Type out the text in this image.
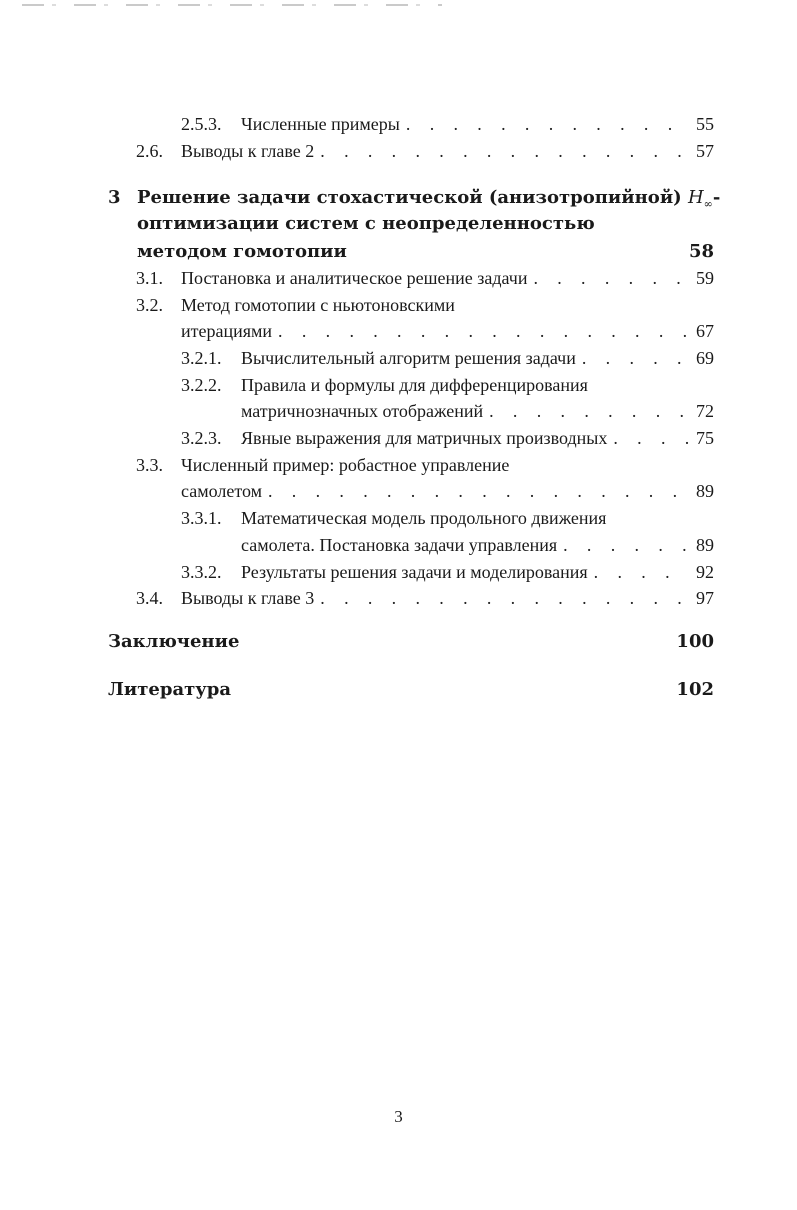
2.5.3.	Численные примеры . . .	55
2.6.	Выводы к главе 2 . . .	57
3 Решение задачи стохастической (анизотропийной) $H_\infty-$
оптимизации систем с неопределенностью
методом гомотопии	58
3.1.	Постановка и аналитическое решение задачи . . .	59
3.2.	Метод гомотопии с ньютоновскими
итерациями . . .	67
3.2.1.	Вычислительный алгоритм решения задачи . . .	69
3.2.2.	Правила и формулы для дифференцирования
матричнозначных отображений . . .	72
3.2.3.	Явные выражения для матричных производных . . .	75
3.3.	Численный пример: робастное управление
самолетом . . .	89
3.3.1.	Математическая модель продольного движения
самолета. Постановка задачи управления . . .	89
3.3.2.	Результаты решения задачи и моделирования . . .	92
3.4.	Выводы к главе 3 . . .	97
Заключение	100
Литература	102
3
